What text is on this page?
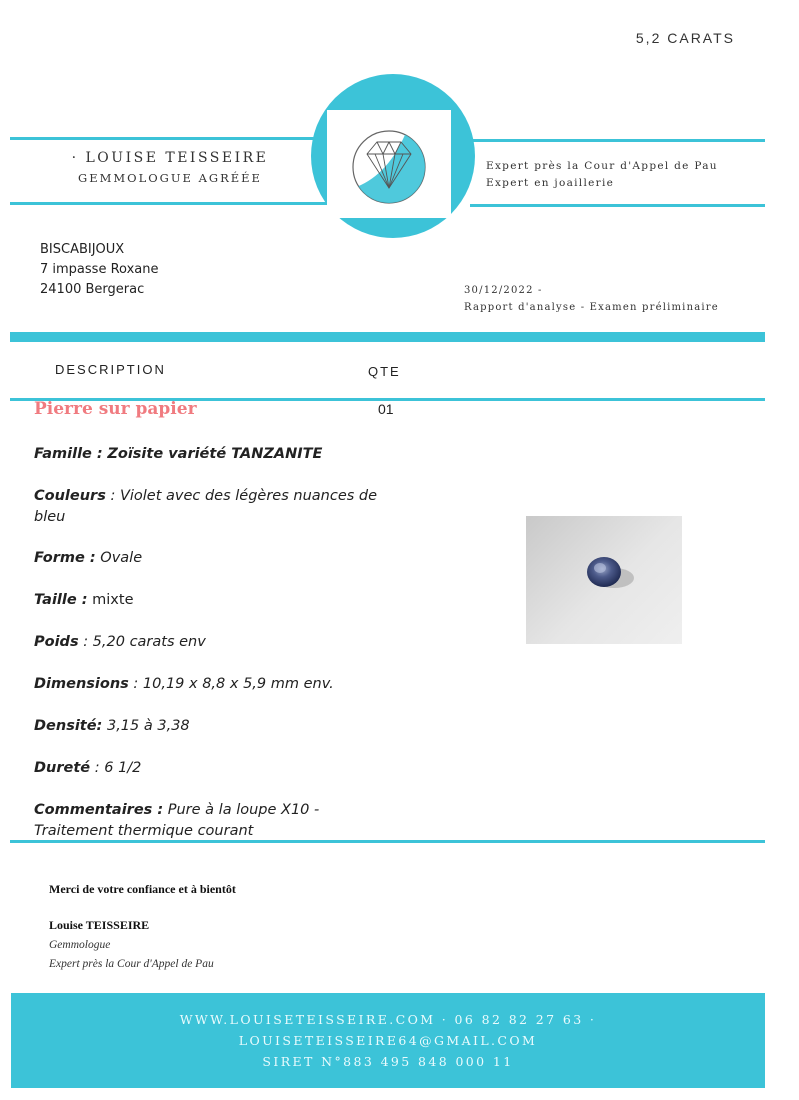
5,2 CARATS
· LOUISE TEISSEIRE
GEMMOLOGUE AGRÉÉE
Expert près la Cour d'Appel de Pau
Expert en joaillerie
BISCABIJOUX
7 impasse Roxane
24100 Bergerac	30/12/2022 -
Rapport d'analyse - Examen préliminaire
DESCRIPTION	QTE
Pierre sur papier	01
Famille : Zoïsite variété TANZANITE
Couleurs : Violet avec des légères nuances de bleu
Forme : Ovale
Taille : mixte
Poids : 5,20 carats env
Dimensions : 10,19 x 8,8 x 5,9 mm env.
Densité: 3,15 à 3,38
Dureté : 6 1/2
Commentaires : Pure à la loupe X10 - Traitement thermique courant
Merci de votre confiance et à bientôt
Louise TEISSEIRE
Gemmologue
Expert près la Cour d'Appel de Pau
WWW.LOUISETEISSEIRE.COM · 06 82 82 27 63 ·
LOUISETEISSEIRE64@GMAIL.COM
SIRET N°883 495 848 000 11
